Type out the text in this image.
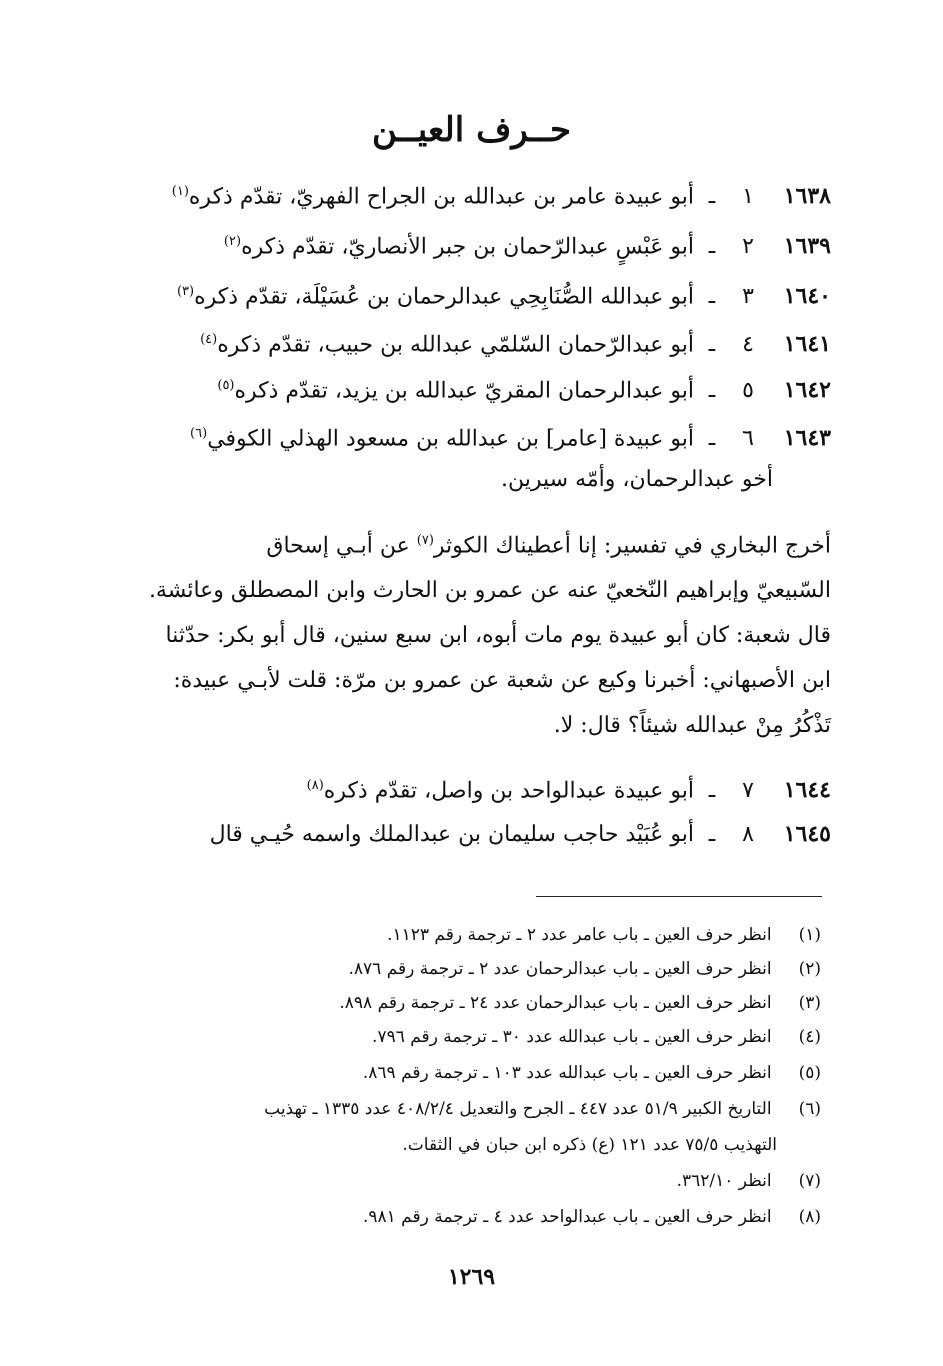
حــرف العيــن
١٦٣٨ ١ ـ أبو عبيدة عامر بن عبدالله بن الجراح الفهريّ، تقدّم ذكره$^{(١)}$
١٦٣٩ ٢ ـ أبو عَبْسٍ عبدالرّحمان بن جبر الأنصاريّ، تقدّم ذكره$^{(٢)}$
١٦٤٠ ٣ ـ أبو عبدالله الصُّنَابِحِي عبدالرحمان بن عُسَيْلَة، تقدّم ذكره$^{(٣)}$
١٦٤١ ٤ ـ أبو عبدالرّحمان السّلمّي عبدالله بن حبيب، تقدّم ذكره$^{(٤)}$
١٦٤٢ ٥ ـ أبو عبدالرحمان المقريّ عبدالله بن يزيد، تقدّم ذكره$^{(٥)}$
١٦٤٣ ٦ ـ أبو عبيدة [عامر] بن عبدالله بن مسعود الهذلي الكوفي$^{(٦)}$
أخو عبدالرحمان، وأمّه سيرين.
أخرج البخاري في تفسير: إنا أعطيناك الكوثر$^{(٧)}$ عن أبـي إسحاق
السّبيعيّ وإبراهيم النّخعيّ عنه عن عمرو بن الحارث وابن المصطلق وعائشة.
قال شعبة: كان أبو عبيدة يوم مات أبوه، ابن سبع سنين، قال أبو بكر: حدّثنا
ابن الأصبهاني: أخبرنا وكيع عن شعبة عن عمرو بن مرّة: قلت لأبـي عبيدة:
تَذْكُرُ مِنْ عبدالله شيئاً؟ قال: لا.
١٦٤٤ ٧ ـ أبو عبيدة عبدالواحد بن واصل، تقدّم ذكره$^{(٨)}$
١٦٤٥ ٨ ـ أبو عُبَيْد حاجب سليمان بن عبدالملك واسمه حُيـي قال
(١) انظر حرف العين ـ باب عامر عدد ٢ ـ ترجمة رقم ١١٢٣.
(٢) انظر حرف العين ـ باب عبدالرحمان عدد ٢ ـ ترجمة رقم ٨٧٦.
(٣) انظر حرف العين ـ باب عبدالرحمان عدد ٢٤ ـ ترجمة رقم ٨٩٨.
(٤) انظر حرف العين ـ باب عبدالله عدد ٣٠ ـ ترجمة رقم ٧٩٦.
(٥) انظر حرف العين ـ باب عبدالله عدد ١٠٣ ـ ترجمة رقم ٨٦٩.
(٦) التاريخ الكبير ٥١/٩ عدد ٤٤٧ ـ الجرح والتعديل ٤٠٨/٢/٤ عدد ١٣٣٥ ـ تهذيب
التهذيب ٧٥/٥ عدد ١٢١ (ع) ذكره ابن حبان في الثقات.
(٧) انظر ٣٦٢/١٠.
(٨) انظر حرف العين ـ باب عبدالواحد عدد ٤ ـ ترجمة رقم ٩٨١.
١٢٦٩
